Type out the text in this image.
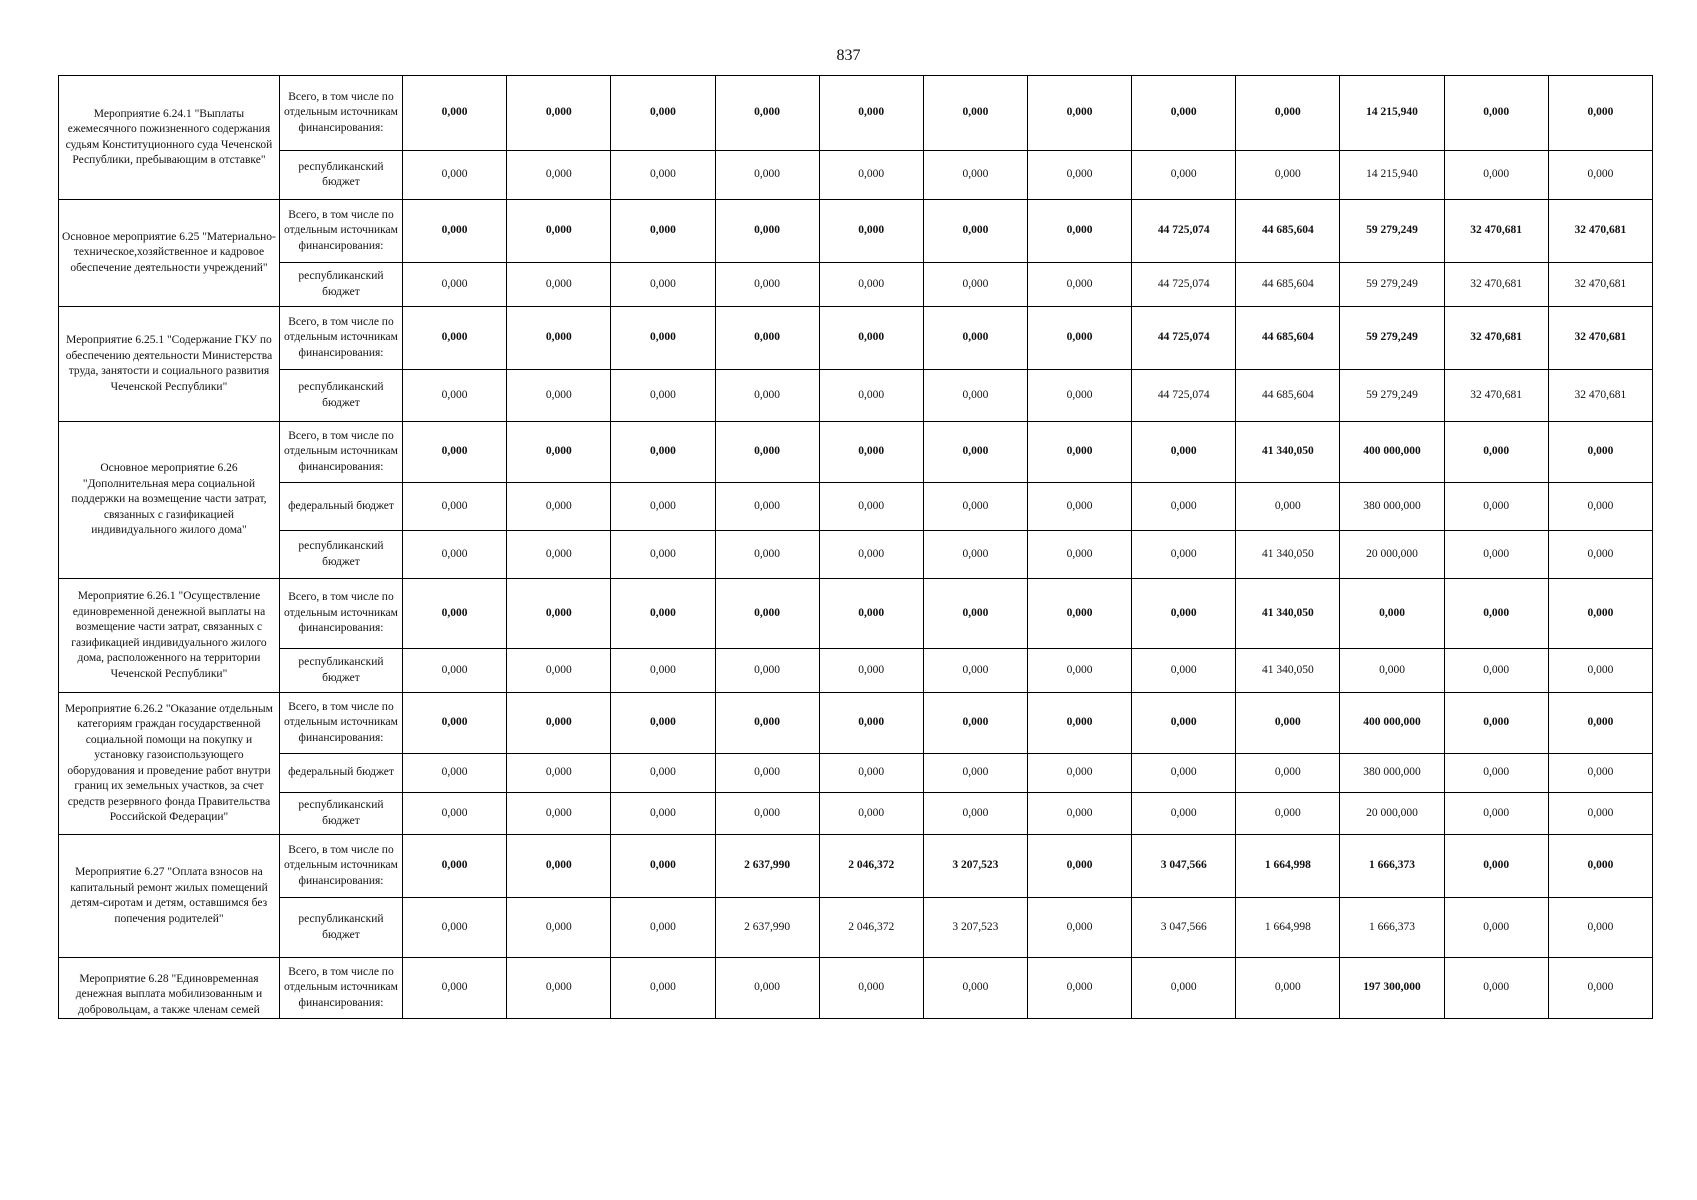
837
Мероприятие 6.24.1 "Выплаты ежемесячного пожизненного содержания судьям Конституционного суда Чеченской Республики, пребывающим в отставке"	Всего, в том числе по отдельным источникам финансирования:	0,000	0,000	0,000	0,000	0,000	0,000	0,000	0,000	0,000	14 215,940	0,000	0,000
	республиканский бюджет	0,000	0,000	0,000	0,000	0,000	0,000	0,000	0,000	0,000	14 215,940	0,000	0,000

Основное мероприятие 6.25 "Материально-техническое,хозяйственное и кадровое обеспечение деятельности учреждений"	Всего, в том числе по отдельным источникам финансирования:	0,000	0,000	0,000	0,000	0,000	0,000	0,000	44 725,074	44 685,604	59 279,249	32 470,681	32 470,681
	республиканский бюджет	0,000	0,000	0,000	0,000	0,000	0,000	0,000	44 725,074	44 685,604	59 279,249	32 470,681	32 470,681

Мероприятие 6.25.1 "Содержание ГКУ по обеспечению деятельности Министерства труда, занятости и социального развития Чеченской Республики"	Всего, в том числе по отдельным источникам финансирования:	0,000	0,000	0,000	0,000	0,000	0,000	0,000	44 725,074	44 685,604	59 279,249	32 470,681	32 470,681
	республиканский бюджет	0,000	0,000	0,000	0,000	0,000	0,000	0,000	44 725,074	44 685,604	59 279,249	32 470,681	32 470,681

Основное мероприятие 6.26 "Дополнительная мера социальной поддержки на возмещение части затрат, связанных с газификацией индивидуального жилого дома"	Всего, в том числе по отдельным источникам финансирования:	0,000	0,000	0,000	0,000	0,000	0,000	0,000	0,000	41 340,050	400 000,000	0,000	0,000
	федеральный бюджет	0,000	0,000	0,000	0,000	0,000	0,000	0,000	0,000	0,000	380 000,000	0,000	0,000
	республиканский бюджет	0,000	0,000	0,000	0,000	0,000	0,000	0,000	0,000	41 340,050	20 000,000	0,000	0,000

Мероприятие 6.26.1 "Осуществление единовременной денежной выплаты на возмещение части затрат, связанных с газификацией индивидуального жилого дома, расположенного на территории Чеченской Республики"	Всего, в том числе по отдельным источникам финансирования:	0,000	0,000	0,000	0,000	0,000	0,000	0,000	0,000	41 340,050	0,000	0,000	0,000
	республиканский бюджет	0,000	0,000	0,000	0,000	0,000	0,000	0,000	0,000	41 340,050	0,000	0,000	0,000

Мероприятие 6.26.2 "Оказание отдельным категориям граждан государственной социальной помощи на покупку и установку газоиспользующего оборудования и проведение работ внутри границ их земельных участков, за счет средств резервного фонда Правительства Российской Федерации"	Всего, в том числе по отдельным источникам финансирования:	0,000	0,000	0,000	0,000	0,000	0,000	0,000	0,000	0,000	400 000,000	0,000	0,000
	федеральный бюджет	0,000	0,000	0,000	0,000	0,000	0,000	0,000	0,000	0,000	380 000,000	0,000	0,000
	республиканский бюджет	0,000	0,000	0,000	0,000	0,000	0,000	0,000	0,000	0,000	20 000,000	0,000	0,000

Мероприятие 6.27 "Оплата взносов на капитальный ремонт жилых помещений детям-сиротам и детям, оставшимся без попечения родителей"	Всего, в том числе по отдельным источникам финансирования:	0,000	0,000	0,000	2 637,990	2 046,372	3 207,523	0,000	3 047,566	1 664,998	1 666,373	0,000	0,000
	республиканский бюджет	0,000	0,000	0,000	2 637,990	2 046,372	3 207,523	0,000	3 047,566	1 664,998	1 666,373	0,000	0,000

Мероприятие 6.28 "Единовременная денежная выплата мобилизованным и добровольцам, а также членам семей	Всего, в том числе по отдельным источникам финансирования:	0,000	0,000	0,000	0,000	0,000	0,000	0,000	0,000	0,000	197 300,000	0,000	0,000
